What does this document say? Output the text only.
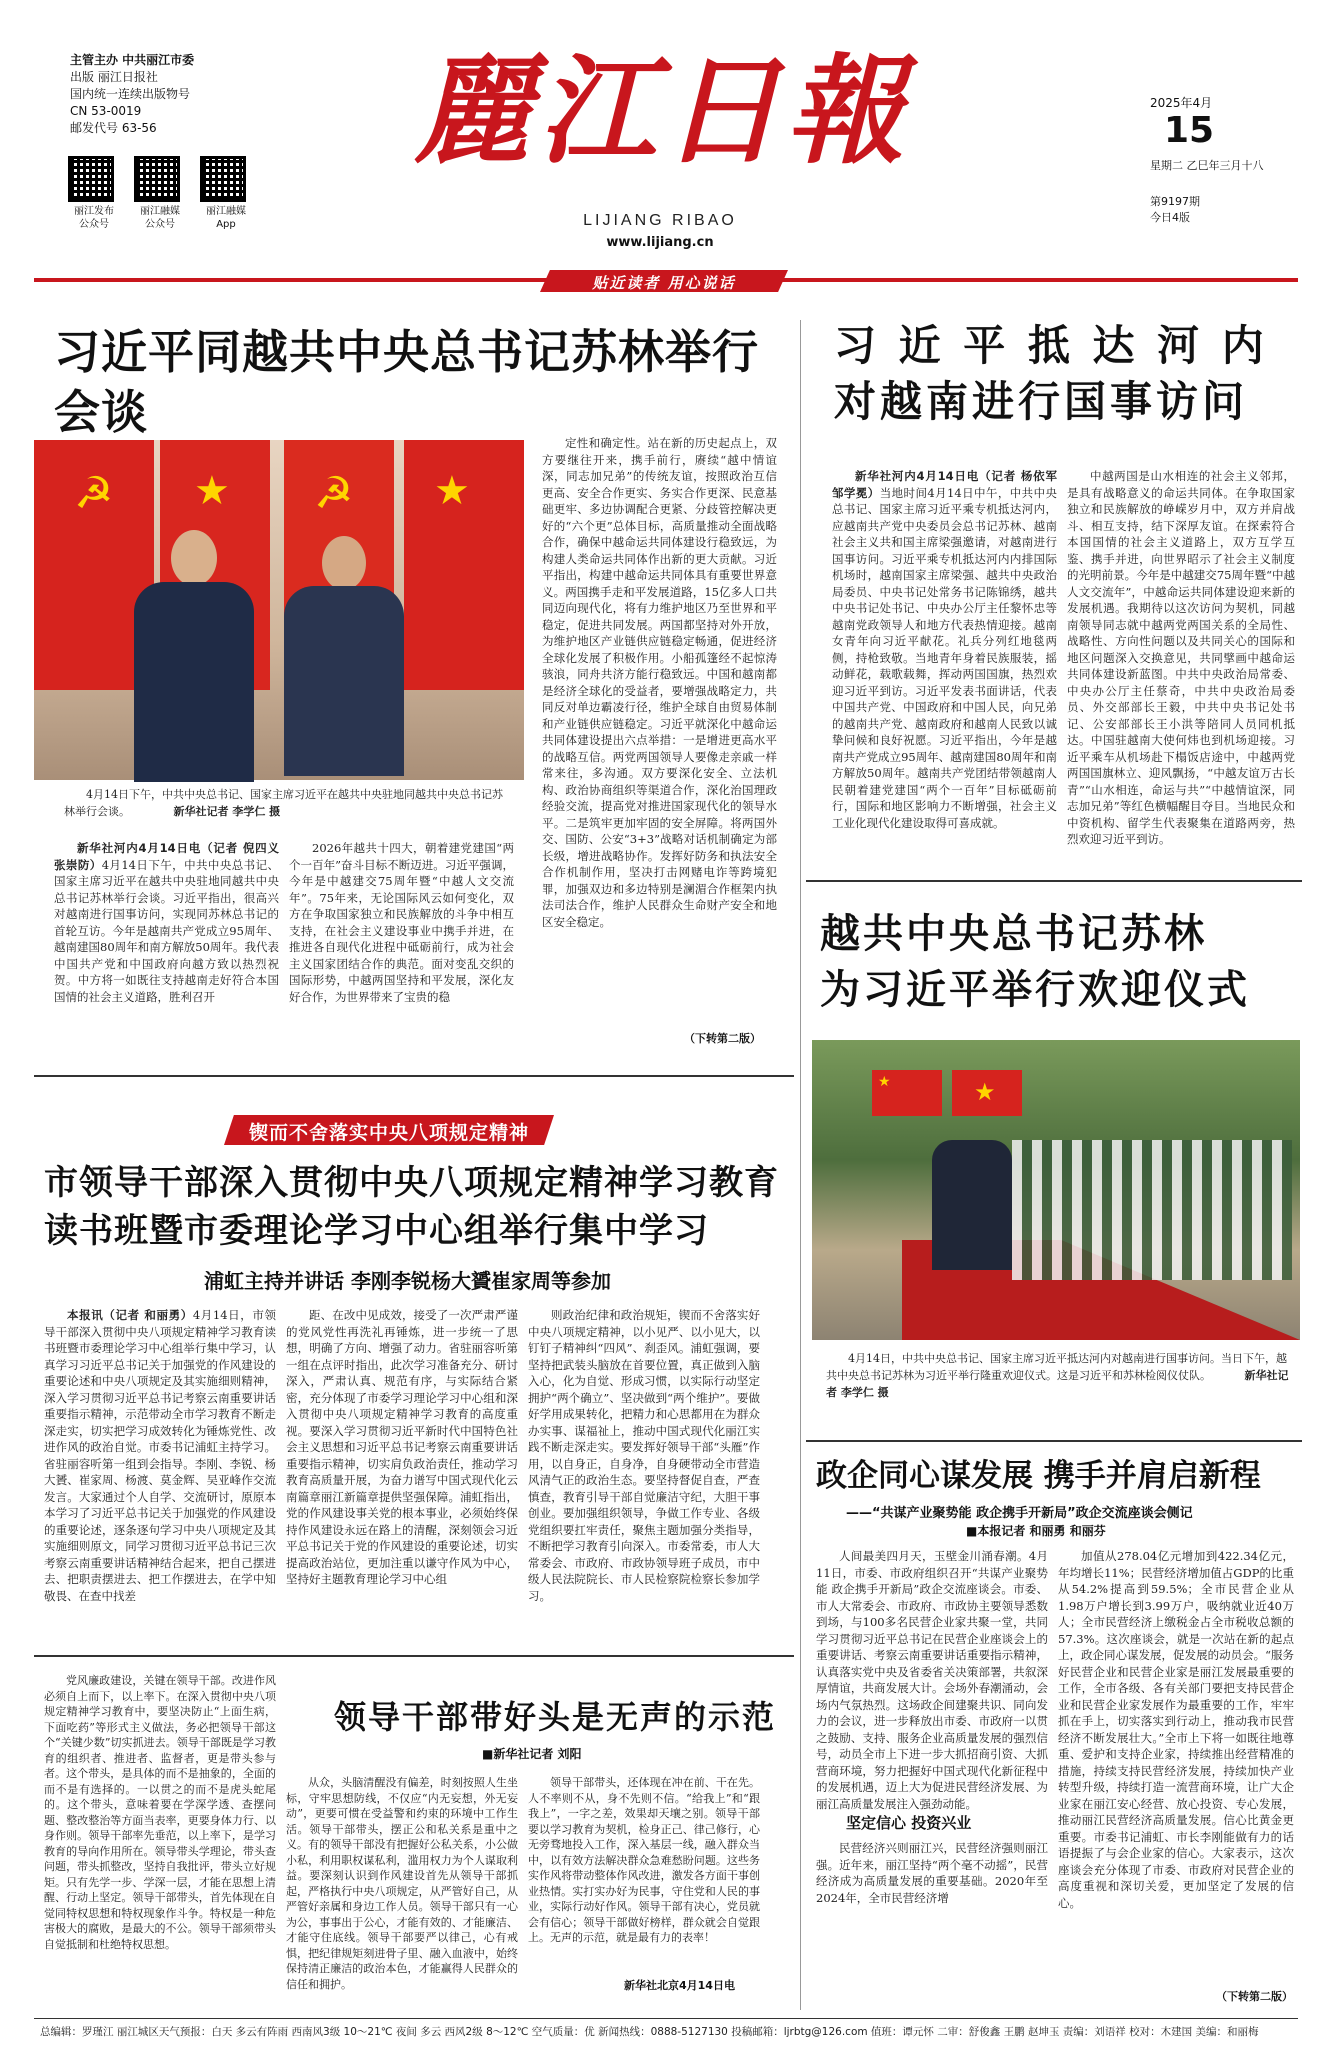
主管主办 中共丽江市委
出版 丽江日报社
国内统一连续出版物号
CN 53-0019
邮发代号 63-56
丽江发布
公众号
丽江融媒
公众号
丽江融媒
App
麗江日報
LIJIANG RIBAO
www.lijiang.cn
2025年4月
15
星期二 乙巳年三月十八
第9197期
今日4版
贴近读者 用心说话
习近平同越共中央总书记苏林举行会谈
☭ ★ ☭ ★
4月14日下午，中共中央总书记、国家主席习近平在越共中央驻地同越共中央总书记苏林举行会谈。	新华社记者 李学仁 摄
新华社河内4月14日电（记者 倪四义 张崇防）4月14日下午，中共中央总书记、国家主席习近平在越共中央驻地同越共中央总书记苏林举行会谈。习近平指出，很高兴对越南进行国事访问，实现同苏林总书记的首轮互访。今年是越南共产党成立95周年、越南建国80周年和南方解放50周年。我代表中国共产党和中国政府向越方致以热烈祝贺。中方将一如既往支持越南走好符合本国国情的社会主义道路，胜利召开
2026年越共十四大，朝着建党建国“两个一百年”奋斗目标不断迈进。习近平强调，今年是中越建交75周年暨“中越人文交流年”。75年来，无论国际风云如何变化，双方在争取国家独立和民族解放的斗争中相互支持，在社会主义建设事业中携手并进，在推进各自现代化进程中砥砺前行，成为社会主义国家团结合作的典范。面对变乱交织的国际形势，中越两国坚持和平发展，深化友好合作，为世界带来了宝贵的稳
定性和确定性。站在新的历史起点上，双方要继往开来，携手前行，赓续“越中情谊深，同志加兄弟”的传统友谊，按照政治互信更高、安全合作更实、务实合作更深、民意基础更牢、多边协调配合更紧、分歧管控解决更好的“六个更”总体目标，高质量推动全面战略合作，确保中越命运共同体建设行稳致远，为构建人类命运共同体作出新的更大贡献。习近平指出，构建中越命运共同体具有重要世界意义。两国携手走和平发展道路，15亿多人口共同迈向现代化，将有力维护地区乃至世界和平稳定，促进共同发展。两国都坚持对外开放，为维护地区产业链供应链稳定畅通，促进经济全球化发展了积极作用。小船孤篷经不起惊涛骇浪，同舟共济方能行稳致远。中国和越南都是经济全球化的受益者，要增强战略定力，共同反对单边霸凌行径，维护全球自由贸易体制和产业链供应链稳定。习近平就深化中越命运共同体建设提出六点举措：一是增进更高水平的战略互信。两党两国领导人要像走亲戚一样常来往，多沟通。双方要深化安全、立法机构、政治协商组织等渠道合作，深化治国理政经验交流，提高党对推进国家现代化的领导水平。二是筑牢更加牢固的安全屏障。将两国外交、国防、公安“3+3”战略对话机制确定为部长级，增进战略协作。发挥好防务和执法安全合作机制作用，坚决打击网赌电诈等跨境犯罪，加强双边和多边特别是澜湄合作框架内执法司法合作，维护人民群众生命财产安全和地区安全稳定。
（下转第二版）
习 近 平 抵 达 河 内
对越南进行国事访问
新华社河内4月14日电（记者 杨依军 邹学冕）当地时间4月14日中午，中共中央总书记、国家主席习近平乘专机抵达河内，应越南共产党中央委员会总书记苏林、越南社会主义共和国主席梁强邀请，对越南进行国事访问。习近平乘专机抵达河内内排国际机场时，越南国家主席梁强、越共中央政治局委员、中央书记处常务书记陈锦绣，越共中央书记处书记、中央办公厅主任黎怀忠等越南党政领导人和地方代表热情迎接。越南女青年向习近平献花。礼兵分列红地毯两侧，持枪致敬。当地青年身着民族服装，摇动鲜花，载歌载舞，挥动两国国旗，热烈欢迎习近平到访。习近平发表书面讲话，代表中国共产党、中国政府和中国人民，向兄弟的越南共产党、越南政府和越南人民致以诚挚问候和良好祝愿。习近平指出，今年是越南共产党成立95周年、越南建国80周年和南方解放50周年。越南共产党团结带领越南人民朝着建党建国“两个一百年”目标砥砺前行，国际和地区影响力不断增强，社会主义工业化现代化建设取得可喜成就。
中越两国是山水相连的社会主义邻邦，是具有战略意义的命运共同体。在争取国家独立和民族解放的峥嵘岁月中，双方并肩战斗、相互支持，结下深厚友谊。在探索符合本国国情的社会主义道路上，双方互学互鉴、携手并进，向世界昭示了社会主义制度的光明前景。今年是中越建交75周年暨“中越人文交流年”，中越命运共同体建设迎来新的发展机遇。我期待以这次访问为契机，同越南领导同志就中越两党两国关系的全局性、战略性、方向性问题以及共同关心的国际和地区问题深入交换意见，共同擘画中越命运共同体建设新蓝图。中共中央政治局常委、中央办公厅主任蔡奇，中共中央政治局委员、外交部部长王毅，中共中央书记处书记、公安部部长王小洪等陪同人员同机抵达。中国驻越南大使何炜也到机场迎接。习近平乘车从机场赴下榻饭店途中，中越两党两国国旗林立、迎风飘扬，“中越友谊万古长青”“山水相连，命运与共”“中越情谊深，同志加兄弟”等红色横幅醒目夺目。当地民众和中资机构、留学生代表聚集在道路两旁，热烈欢迎习近平到访。
越共中央总书记苏林
为习近平举行欢迎仪式
★	★
4月14日，中共中央总书记、国家主席习近平抵达河内对越南进行国事访问。当日下午，越共中央总书记苏林为习近平举行隆重欢迎仪式。这是习近平和苏林检阅仪仗队。	新华社记者 李学仁 摄
锲而不舍落实中央八项规定精神
市领导干部深入贯彻中央八项规定精神学习教育
读书班暨市委理论学习中心组举行集中学习
浦虹主持并讲话 李刚李锐杨大贇崔家周等参加
本报讯（记者 和丽勇）4月14日，市领导干部深入贯彻中央八项规定精神学习教育读书班暨市委理论学习中心组举行集中学习，认真学习习近平总书记关于加强党的作风建设的重要论述和中央八项规定及其实施细则精神，深入学习贯彻习近平总书记考察云南重要讲话重要指示精神，示范带动全市学习教育不断走深走实，切实把学习成效转化为锤炼党性、改进作风的政治自觉。市委书记浦虹主持学习。省驻丽容听第一组到会指导。李刚、李锐、杨大贇、崔家周、杨渡、莫金辉、吴亚峰作交流发言。大家通过个人自学、交流研讨，原原本本学习了习近平总书记关于加强党的作风建设的重要论述，逐条逐句学习中央八项规定及其实施细则原文，同学习贯彻习近平总书记三次考察云南重要讲话精神结合起来，把自己摆进去、把职责摆进去、把工作摆进去，在学中知敬畏、在查中找差
距、在改中见成效，接受了一次严肃严谨的党风党性再洗礼再锤炼，进一步统一了思想，明确了方向、增强了动力。省驻丽容听第一组在点评时指出，此次学习准备充分、研讨深入，严肃认真、规范有序，与实际结合紧密，充分体现了市委学习理论学习中心组和深入贯彻中央八项规定精神学习教育的高度重视。要深入学习贯彻习近平新时代中国特色社会主义思想和习近平总书记考察云南重要讲话重要指示精神，切实肩负政治责任，推动学习教育高质量开展，为奋力谱写中国式现代化云南篇章丽江新篇章提供坚强保障。浦虹指出，党的作风建设事关党的根本事业，必须始终保持作风建设永远在路上的清醒，深刻领会习近平总书记关于党的作风建设的重要论述，切实提高政治站位，更加注重以谦守作风为中心，坚持好主题教育理论学习中心组
则政治纪律和政治规矩，锲而不舍落实好中央八项规定精神，以小见严、以小见大，以钉钉子精神纠“四风”、刹歪风。浦虹强调，要坚持把武装头脑放在首要位置，真正做到入脑入心，化为自觉、形成习惯，以实际行动坚定拥护“两个确立”、坚决做到“两个维护”。要做好学用成果转化，把精力和心思都用在为群众办实事、谋福祉上，推动中国式现代化丽江实践不断走深走实。要发挥好领导干部“头雁”作用，以自身正，自身净，自身硬带动全市营造风清气正的政治生态。要坚持督促自查，严查慎查，教育引导干部自觉廉洁守纪，大胆干事创业。要加强组织领导，争做工作专业、各级党组织要扛牢责任，聚焦主题加强分类指导，不断把学习教育引向深入。市委常委，市人大常委会、市政府、市政协领导班子成员，市中级人民法院院长、市人民检察院检察长参加学习。
党风廉政建设，关键在领导干部。改进作风必须自上而下，以上率下。在深入贯彻中央八项规定精神学习教育中，要坚决防止“上面生病，下面吃药”等形式主义做法，务必把领导干部这个“关键少数”切实抓进去。领导干部既是学习教育的组织者、推进者、监督者，更是带头参与者。这个带头，是具体的而不是抽象的，全面的而不是有选择的。一以贯之的而不是虎头蛇尾的。这个带头，意味着要在学深学透、查摆问题、整改整治等方面当表率，更要身体力行、以身作则。领导干部率先垂范，以上率下，是学习教育的导向作用所在。领导带头学理论，带头查问题，带头抓整改，坚持自我批评，带头立好规矩。只有先学一步、学深一层，才能在思想上清醒、行动上坚定。领导干部带头，首先体现在自觉同特权思想和特权现象作斗争。特权是一种危害极大的腐败，是最大的不公。领导干部须带头自觉抵制和杜绝特权思想。
领导干部带好头是无声的示范
■新华社记者 刘阳
从众，头脑清醒没有偏差，时刻按照人生坐标，守牢思想防线，不仅应“内无妄想，外无妄动”，更要可惯在受益警和约束的环境中工作生活。领导干部带头，摆正公和私关系是重中之义。有的领导干部没有把握好公私关系，小公做小私，利用职权谋私利，滥用权力为个人谋取利益。要深刻认识到作风建设首先从领导干部抓起，严格执行中央八项规定，从严管好自己，从严管好亲属和身边工作人员。领导干部只有一心为公，事事出于公心，才能有效的、才能廉洁、才能守住底线。领导干部要严以律己，心有戒惧，把纪律规矩刻进骨子里、融入血液中，始终保持清正廉洁的政治本色，才能赢得人民群众的信任和拥护。
领导干部带头，还体现在冲在前、干在先。人不率则不从，身不先则不信。“给我上”和“跟我上”，一字之差，效果却天壤之别。领导干部要以学习教育为契机，检身正己、律己修行，心无旁骛地投入工作，深入基层一线，融入群众当中，以有效方法解决群众急难愁盼问题。这些务实作风将带动整体作风改进，激发各方面干事创业热情。实打实办好为民事，守住党和人民的事业，实际行动好作风。领导干部有决心，党员就会有信心；领导干部做好榜样，群众就会自觉跟上。无声的示范，就是最有力的表率！
新华社北京4月14日电
政企同心谋发展 携手并肩启新程
——“共谋产业聚势能 政企携手开新局”政企交流座谈会侧记
■本报记者 和丽勇 和丽芬
人间最美四月天，玉壁金川涌春潮。4月11日，市委、市政府组织召开“共谋产业聚势能 政企携手开新局”政企交流座谈会。市委、市人大常委会、市政府、市政协主要领导悉数到场，与100多名民营企业家共聚一堂，共同学习贯彻习近平总书记在民营企业座谈会上的重要讲话、考察云南重要讲话重要指示精神，认真落实党中央及省委省关决策部署，共叙深厚情谊，共商发展大计。会场外春潮涌动，会场内气氛热烈。这场政企间建聚共识、同向发力的会议，进一步释放出市委、市政府一以贯之鼓励、支持、服务企业高质量发展的强烈信号，动员全市上下进一步大抓招商引资、大抓营商环境，努力把握好中国式现代化新征程中的发展机遇，迈上大为促进民营经济发展、为丽江高质量发展注入强劲动能。
坚定信心 投资兴业
民营经济兴则丽江兴，民营经济强则丽江强。近年来，丽江坚持“两个毫不动摇”，民营经济成为高质量发展的重要基础。2020年至2024年，全市民营经济增
加值从278.04亿元增加到422.34亿元，年均增长11%；民营经济增加值占GDP的比重从54.2%提高到59.5%；全市民营企业从1.98万户增长到3.99万户，吸纳就业近40万人；全市民营经济上缴税金占全市税收总额的57.3%。这次座谈会，就是一次站在新的起点上，政企同心谋发展，促发展的动员会。“服务好民营企业和民营企业家是丽江发展最重要的工作，全市各级、各有关部门要把支持民营企业和民营企业家发展作为最重要的工作，牢牢抓在手上，切实落实到行动上，推动我市民营经济不断发展壮大。”全市上下将一如既往地尊重、爱护和支持企业家，持续推出经营精准的措施，持续支持民营经济发展，持续加快产业转型升级，持续打造一流营商环境，让广大企业家在丽江安心经营、放心投资、专心发展，推动丽江民营经济高质量发展。信心比黄金更重要。市委书记浦虹、市长李刚能做有力的话语提振了与会企业家的信心。大家表示，这次座谈会充分体现了市委、市政府对民营企业的高度重视和深切关爱，更加坚定了发展的信心。
（下转第二版）
总编辑：罗瑾江 丽江城区天气预报：白天 多云有阵雨 西南风3级 10～21℃ 夜间 多云 西风2级 8～12℃ 空气质量：优 新闻热线：0888-5127130 投稿邮箱：ljrbtg@126.com 值班：谭元怀 二审：舒俊鑫 王鹏 赵坤玉 责编：刘语祥 校对：木建国 美编：和丽梅
